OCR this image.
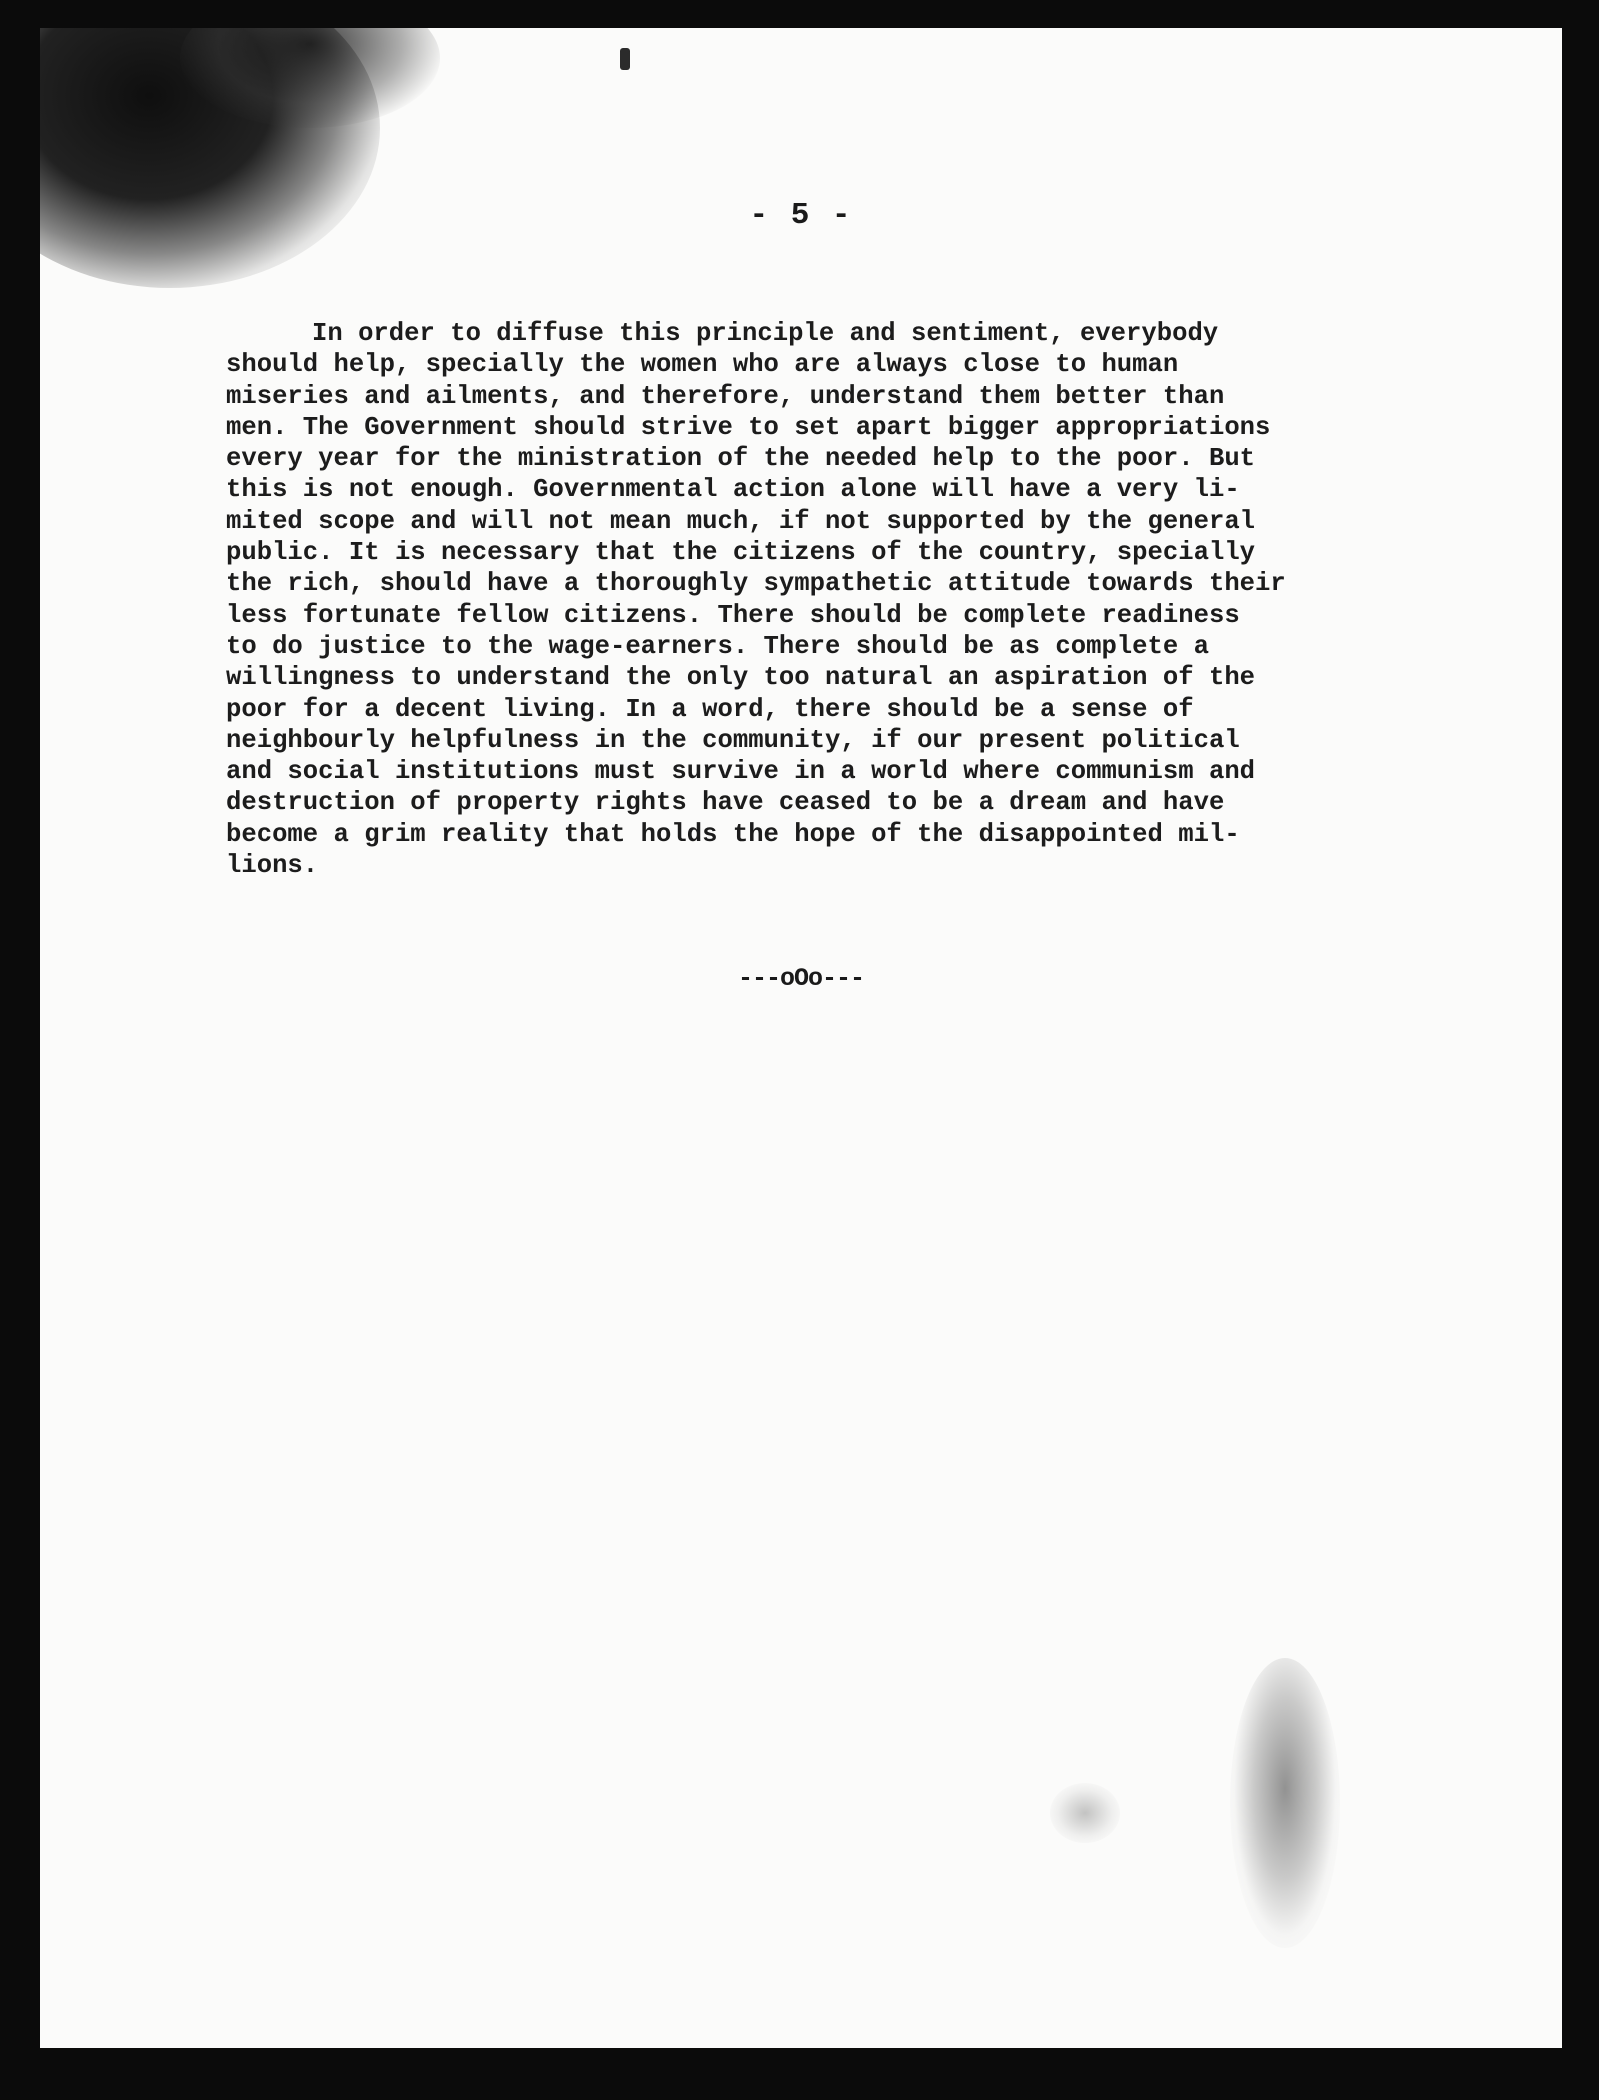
- 5 -
In order to diffuse this principle and sentiment, everybody
should help, specially the women who are always close to human
miseries and ailments, and therefore, understand them better than
men. The Government should strive to set apart bigger appropriations
every year for the ministration of the needed help to the poor. But
this is not enough. Governmental action alone will have a very li-
mited scope and will not mean much, if not supported by the general
public. It is necessary that the citizens of the country, specially
the rich, should have a thoroughly sympathetic attitude towards their
less fortunate fellow citizens. There should be complete readiness
to do justice to the wage-earners. There should be as complete a
willingness to understand the only too natural an aspiration of the
poor for a decent living. In a word, there should be a sense of
neighbourly helpfulness in the community, if our present political
and social institutions must survive in a world where communism and
destruction of property rights have ceased to be a dream and have
become a grim reality that holds the hope of the disappointed mil-
lions.
---oOo---
